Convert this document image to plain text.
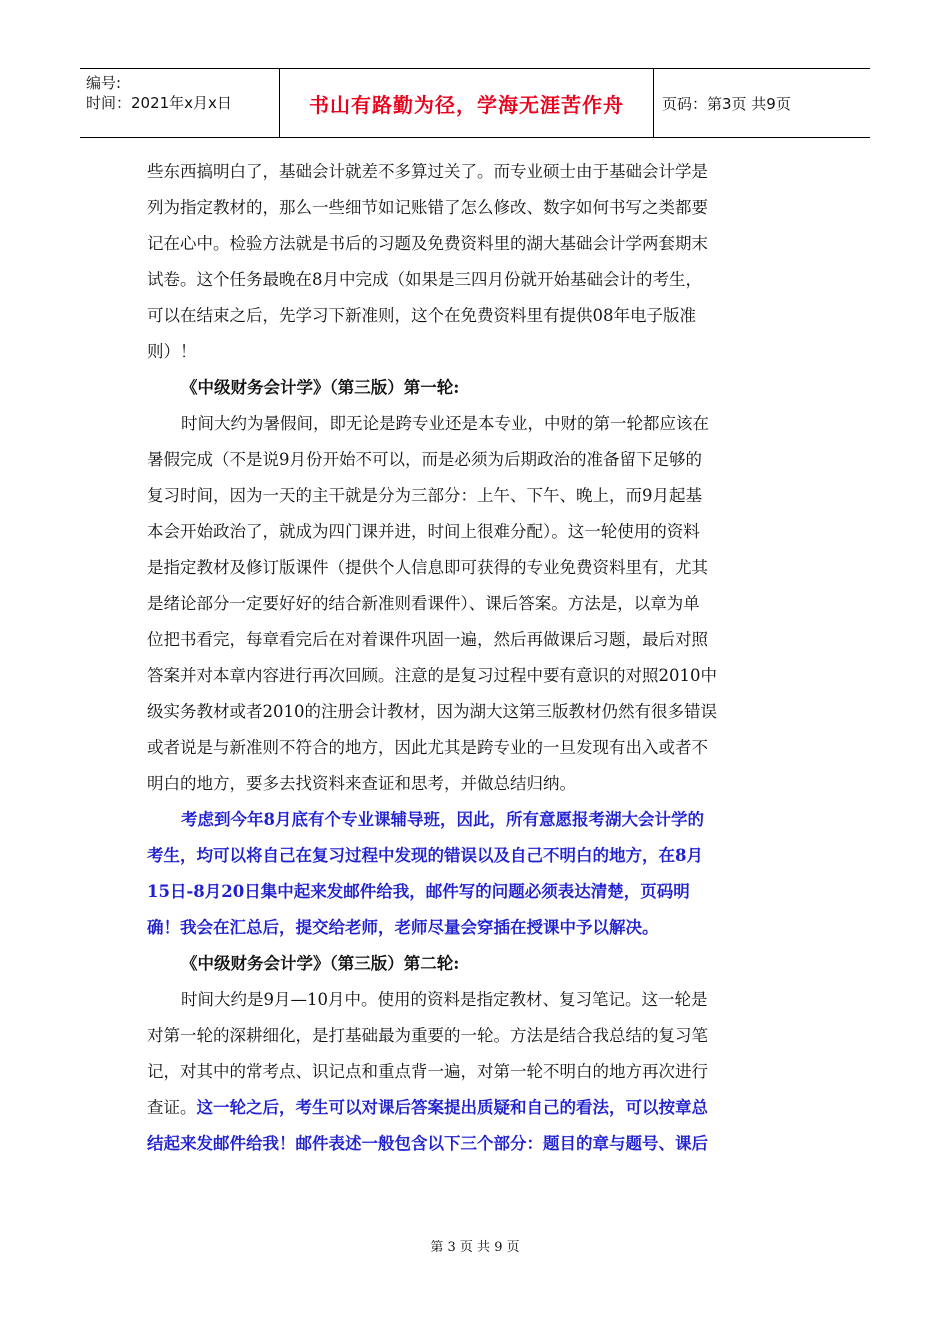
编号:
时间：2021年x月x日	书山有路勤为径，学海无涯苦作舟	页码：第3页 共9页
些东西搞明白了，基础会计就差不多算过关了。而专业硕士由于基础会计学是
列为指定教材的，那么一些细节如记账错了怎么修改、数字如何书写之类都要
记在心中。检验方法就是书后的习题及免费资料里的湖大基础会计学两套期末
试卷。这个任务最晚在8月中完成（如果是三四月份就开始基础会计的考生，
可以在结束之后，先学习下新准则，这个在免费资料里有提供08年电子版准
则）！
《中级财务会计学》（第三版）第一轮:
时间大约为暑假间，即无论是跨专业还是本专业，中财的第一轮都应该在
暑假完成（不是说9月份开始不可以，而是必须为后期政治的准备留下足够的
复习时间，因为一天的主干就是分为三部分：上午、下午、晚上，而9月起基
本会开始政治了，就成为四门课并进，时间上很难分配）。这一轮使用的资料
是指定教材及修订版课件（提供个人信息即可获得的专业免费资料里有，尤其
是绪论部分一定要好好的结合新准则看课件）、课后答案。方法是，以章为单
位把书看完，每章看完后在对着课件巩固一遍，然后再做课后习题，最后对照
答案并对本章内容进行再次回顾。注意的是复习过程中要有意识的对照2010中
级实务教材或者2010的注册会计教材，因为湖大这第三版教材仍然有很多错误
或者说是与新准则不符合的地方，因此尤其是跨专业的一旦发现有出入或者不
明白的地方，要多去找资料来查证和思考，并做总结归纳。
考虑到今年8月底有个专业课辅导班，因此，所有意愿报考湖大会计学的
考生，均可以将自己在复习过程中发现的错误以及自己不明白的地方，在8月
15日-8月20日集中起来发邮件给我，邮件写的问题必须表达清楚，页码明
确！我会在汇总后，提交给老师，老师尽量会穿插在授课中予以解决。
《中级财务会计学》（第三版）第二轮:
时间大约是9月—10月中。使用的资料是指定教材、复习笔记。这一轮是
对第一轮的深耕细化，是打基础最为重要的一轮。方法是结合我总结的复习笔
记，对其中的常考点、识记点和重点背一遍，对第一轮不明白的地方再次进行
查证。这一轮之后，考生可以对课后答案提出质疑和自己的看法，可以按章总
结起来发邮件给我！邮件表述一般包含以下三个部分：题目的章与题号、课后
第 3 页 共 9 页
